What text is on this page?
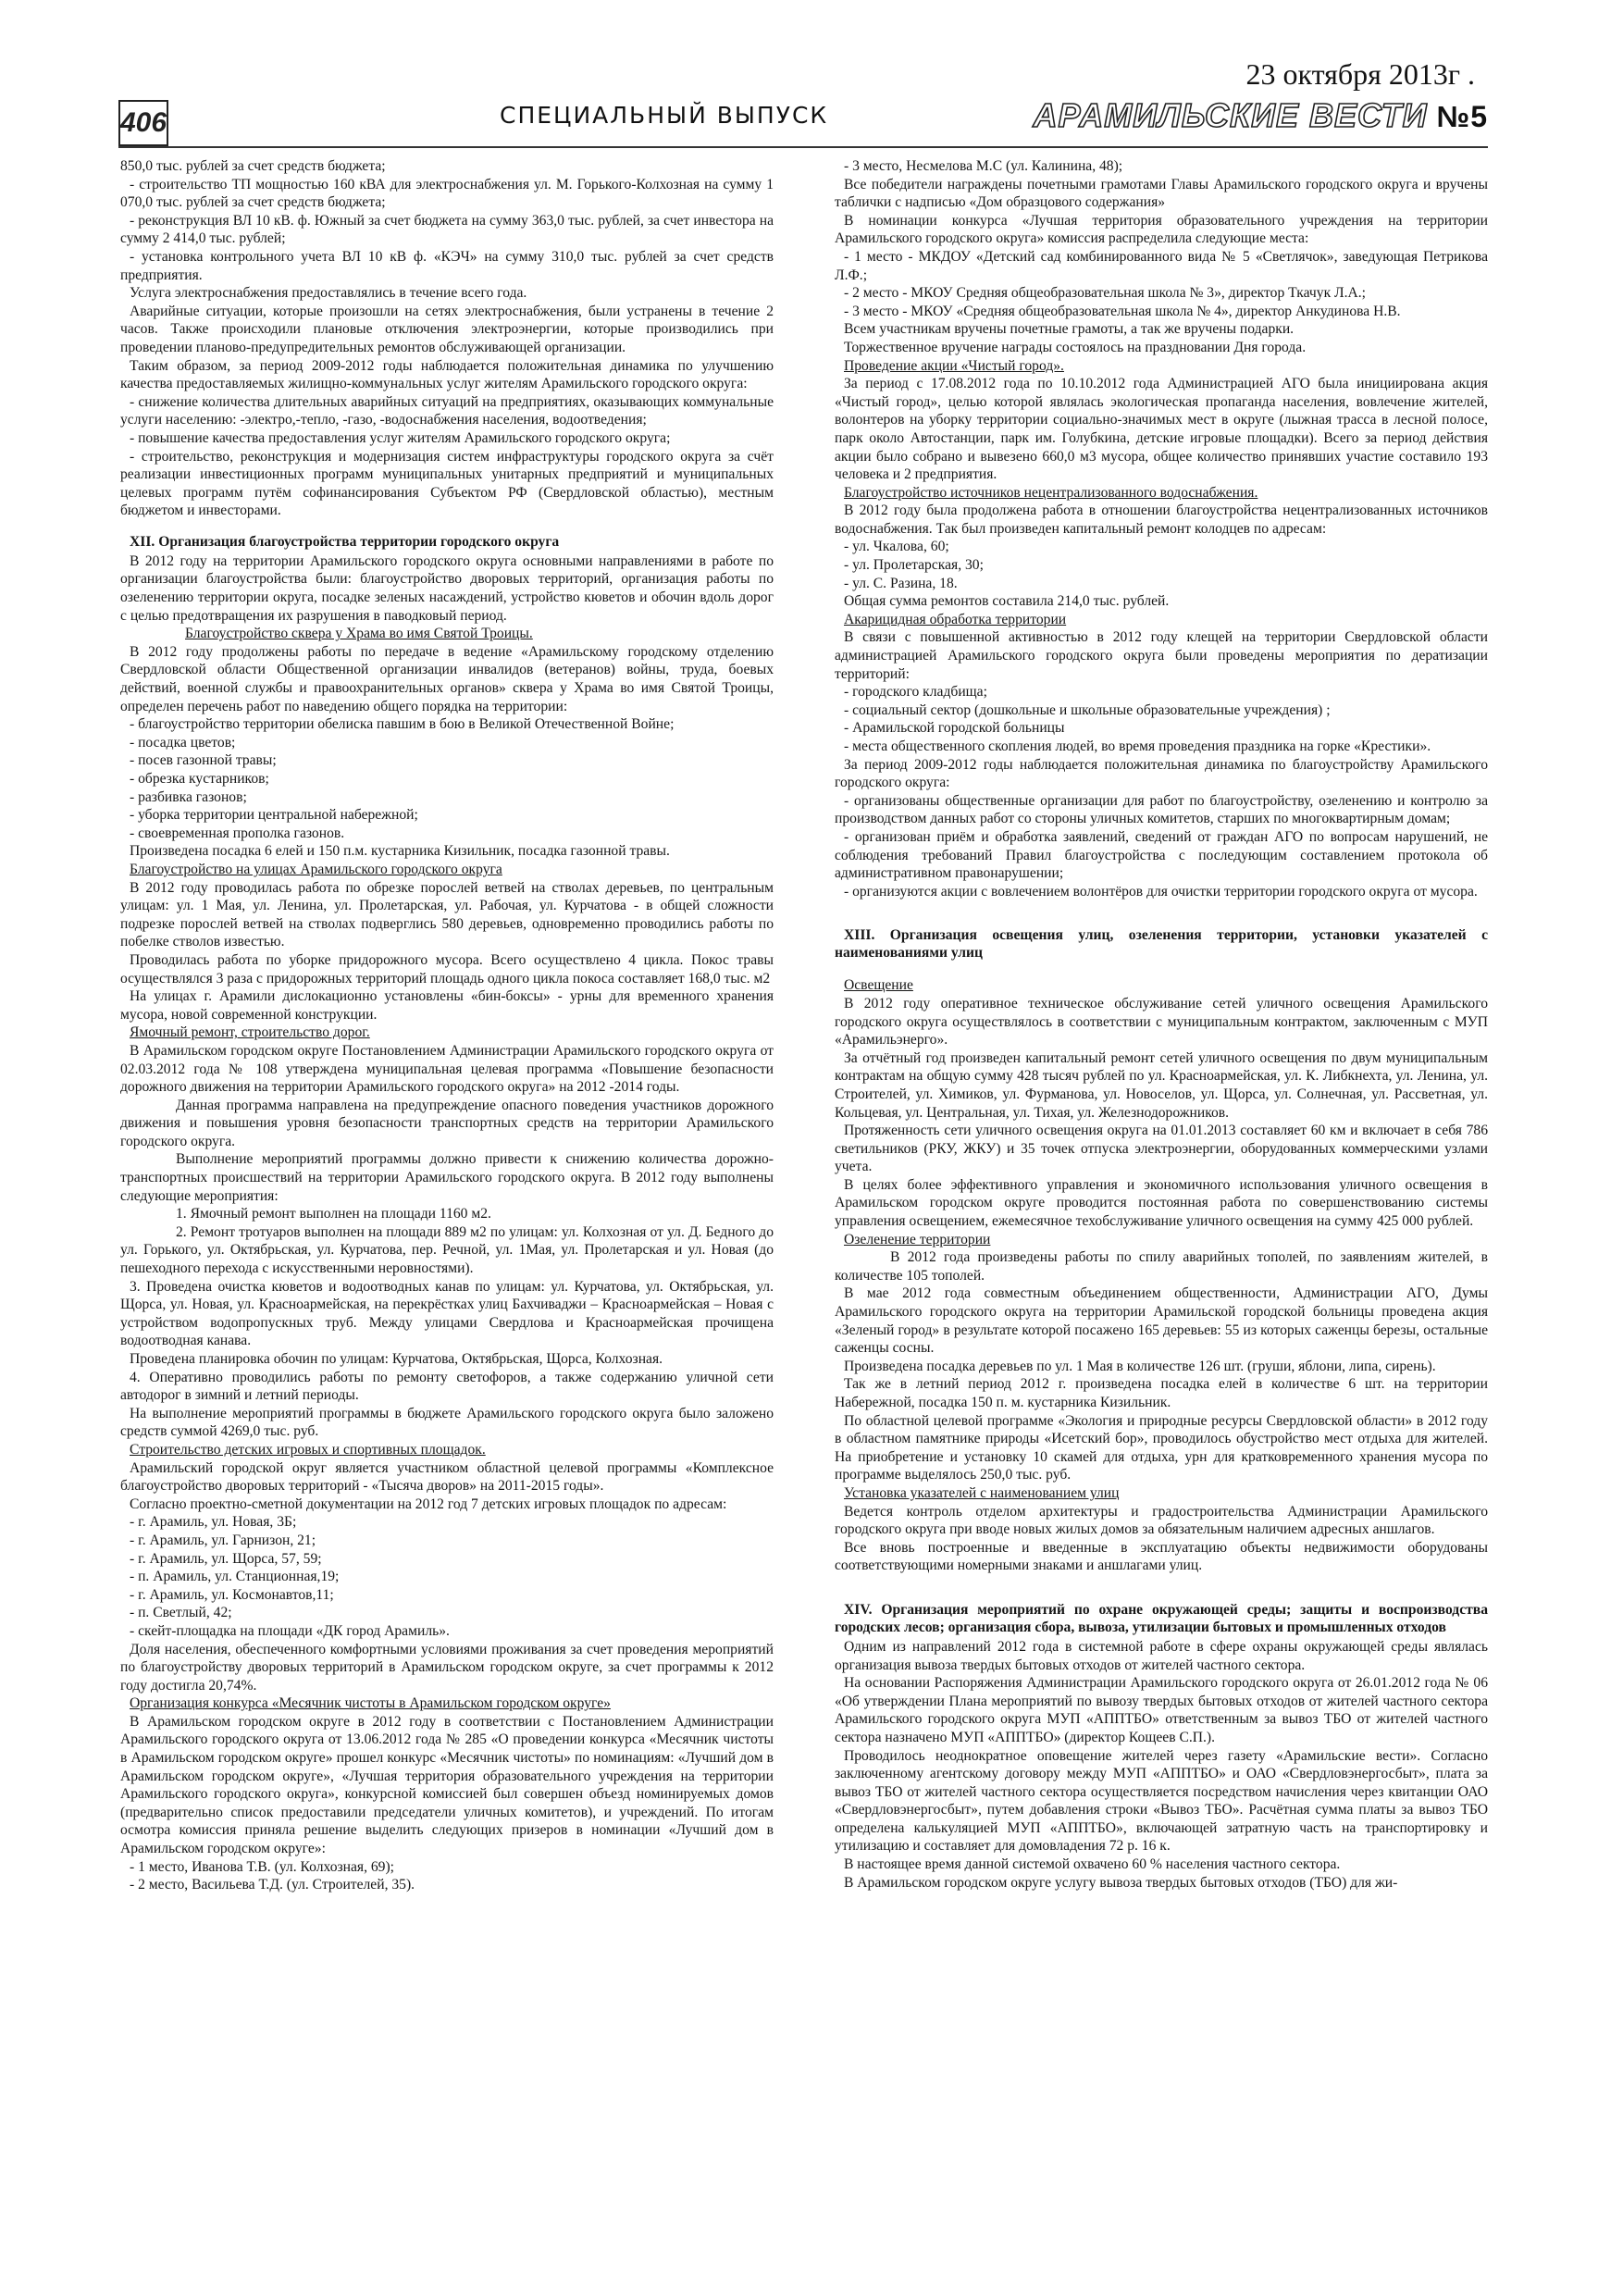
406	СПЕЦИАЛЬНЫЙ ВЫПУСК
23 октября 2013г .
АРАМИЛЬСКИЕ ВЕСТИ №5

850,0 тыс. рублей за счет средств бюджета;

- строительство ТП мощностью 160 кВА для электроснабжения ул. М. Горького-Колхозная на сумму 1 070,0 тыс. рублей за счет средств бюджета;

- реконструкция ВЛ 10 кВ. ф. Южный за счет бюджета на сумму 363,0 тыс. рублей, за счет инвестора на сумму 2 414,0 тыс. рублей;

- установка контрольного учета ВЛ 10 кВ ф. «КЭЧ» на сумму 310,0 тыс. рублей за счет средств предприятия.

Услуга электроснабжения предоставлялись в течение всего года.

Аварийные ситуации, которые произошли на сетях электроснабжения, были устранены в течение 2 часов. Также происходили плановые отключения электроэнергии, которые производились при проведении планово-предупредительных ремонтов обслуживающей организации.

Таким образом, за период 2009-2012 годы наблюдается положительная динамика по улучшению качества предоставляемых жилищно-коммунальных услуг жителям Арамильского городского округа:

- снижение количества длительных аварийных ситуаций на предприятиях, оказывающих коммунальные услуги населению: -электро,-тепло, -газо, -водоснабжения населения, водоотведения;

- повышение качества предоставления услуг жителям Арамильского городского округа;

- строительство, реконструкция и модернизация систем инфраструктуры городского округа за счёт реализации инвестиционных программ муниципальных унитарных предприятий и муниципальных целевых программ путём софинансирования Субъектом РФ (Свердловской областью), местным бюджетом и инвесторами.

XII. Организация благоустройства территории городского округа

В 2012 году на территории Арамильского городского округа основными направлениями в работе по организации благоустройства были: благоустройство дворовых территорий, организация работы по озеленению территории округа, посадке зеленых насаждений, устройство кюветов и обочин вдоль дорог с целью предотвращения их разрушения в паводковый период.

Благоустройство сквера у Храма во имя Святой Троицы.

В 2012 году продолжены работы по передаче в ведение «Арамильскому городскому отделению Свердловской области Общественной организации инвалидов (ветеранов) войны, труда, боевых действий, военной службы и правоохранительных органов» сквера у Храма во имя Святой Троицы, определен перечень работ по наведению общего порядка на территории:

- благоустройство территории обелиска павшим в бою в Великой Отечественной Войне;

- посадка цветов;

- посев газонной травы;

- обрезка кустарников;

- разбивка газонов;

- уборка территории центральной набережной;

- своевременная прополка газонов.

Произведена посадка 6 елей и 150 п.м. кустарника Кизильник, посадка газонной травы.

Благоустройство на улицах Арамильского городского округа

В 2012 году проводилась работа по обрезке порослей ветвей на стволах деревьев, по центральным улицам: ул. 1 Мая, ул. Ленина, ул. Пролетарская, ул. Рабочая, ул. Курчатова - в общей сложности подрезке порослей ветвей на стволах подверглись 580 деревьев, одновременно проводились работы по побелке стволов известью.

Проводилась работа по уборке придорожного мусора. Всего осуществлено 4 цикла. Покос травы осуществлялся 3 раза с придорожных территорий площадь одного цикла покоса составляет 168,0 тыс. м2

На улицах г. Арамили дислокационно установлены «бин-боксы» - урны для временного хранения мусора, новой современной конструкции.

Ямочный ремонт, строительство дорог.

В Арамильском городском округе Постановлением Администрации Арамильского городского округа от 02.03.2012 года № 108 утверждена муниципальная целевая программа «Повышение безопасности дорожного движения на территории Арамильского городского округа» на 2012 -2014 годы.

Данная программа направлена на предупреждение опасного поведения участников дорожного движения и повышения уровня безопасности транспортных средств на территории Арамильского городского округа.

Выполнение мероприятий программы должно привести к снижению количества дорожно-транспортных происшествий на территории Арамильского городского округа. В 2012 году выполнены следующие мероприятия:

1. Ямочный ремонт выполнен на площади 1160 м2.

2. Ремонт тротуаров выполнен на площади 889 м2 по улицам: ул. Колхозная от ул. Д. Бедного до ул. Горького, ул. Октябрьская, ул. Курчатова, пер. Речной, ул. 1Мая, ул. Пролетарская и ул. Новая (до пешеходного перехода с искусственными неровностями).

3. Проведена очистка кюветов и водоотводных канав по улицам: ул. Курчатова, ул. Октябрьская, ул. Щорса, ул. Новая, ул. Красноармейская, на перекрёстках улиц Бахчиваджи – Красноармейская – Новая с устройством водопропускных труб. Между улицами Свердлова и Красноармейская прочищена водоотводная канава.

Проведена планировка обочин по улицам: Курчатова, Октябрьская, Щорса, Колхозная.

4. Оперативно проводились работы по ремонту светофоров, а также содержанию уличной сети автодорог в зимний и летний периоды.

На выполнение мероприятий программы в бюджете Арамильского городского округа было заложено средств суммой 4269,0 тыс. руб.

Строительство детских игровых и спортивных площадок.

Арамильский городской округ является участником областной целевой программы «Комплексное благоустройство дворовых территорий - «Тысяча дворов» на 2011-2015 годы».

Согласно проектно-сметной документации на 2012 год 7 детских игровых площадок по адресам:

- г. Арамиль, ул. Новая, 3Б;

- г. Арамиль, ул. Гарнизон, 21;

- г. Арамиль, ул. Щорса, 57, 59;

- п. Арамиль, ул. Станционная,19;

- г. Арамиль, ул. Космонавтов,11;

- п. Светлый, 42;

- скейт-площадка на площади «ДК город Арамиль».

Доля населения, обеспеченного комфортными условиями проживания за счет проведения мероприятий по благоустройству дворовых территорий в Арамильском городском округе, за счет программы к 2012 году достигла 20,74%.

Организация конкурса «Месячник чистоты в Арамильском городском округе»

В Арамильском городском округе в 2012 году в соответствии с Постановлением Администрации Арамильского городского округа от 13.06.2012 года № 285 «О проведении конкурса «Месячник чистоты в Арамильском городском округе» прошел конкурс «Месячник чистоты» по номинациям: «Лучший дом в Арамильском городском округе», «Лучшая территория образовательного учреждения на территории Арамильского городского округа», конкурсной комиссией был совершен объезд номинируемых домов (предварительно список предоставили председатели уличных комитетов), и учреждений. По итогам осмотра комиссия приняла решение выделить следующих призеров в номинации «Лучший дом в Арамильском городском округе»:

- 1 место, Иванова Т.В. (ул. Колхозная, 69);

- 2 место, Васильева Т.Д. (ул. Строителей, 35).

- 3 место, Несмелова М.С (ул. Калинина, 48);

Все победители награждены почетными грамотами Главы Арамильского городского округа и вручены таблички с надписью «Дом образцового содержания»

В номинации конкурса «Лучшая территория образовательного учреждения на территории Арамильского городского округа» комиссия распределила следующие места:

- 1 место - МКДОУ «Детский сад комбинированного вида № 5 «Светлячок», заведующая Петрикова Л.Ф.;

- 2 место - МКОУ Средняя общеобразовательная школа № 3», директор Ткачук Л.А.;

- 3 место - МКОУ «Средняя общеобразовательная школа № 4», директор Анкудинова Н.В.

Всем участникам вручены почетные грамоты, а так же вручены подарки.

Торжественное вручение награды состоялось на праздновании Дня города.

Проведение акции «Чистый город».

За период с 17.08.2012 года по 10.10.2012 года Администрацией АГО была инициирована акция «Чистый город», целью которой являлась экологическая пропаганда населения, вовлечение жителей, волонтеров на уборку территории социально-значимых мест в округе (лыжная трасса в лесной полосе, парк около Автостанции, парк им. Голубкина, детские игровые площадки). Всего за период действия акции было собрано и вывезено 660,0 м3 мусора, общее количество принявших участие составило 193 человека и 2 предприятия.

Благоустройство источников нецентрализованного водоснабжения.

В 2012 году была продолжена работа в отношении благоустройства нецентрализованных источников водоснабжения. Так был произведен капитальный ремонт колодцев по адресам:

- ул. Чкалова, 60;

- ул. Пролетарская, 30;

- ул. С. Разина, 18.

Общая сумма ремонтов составила 214,0 тыс. рублей.

Акарицидная обработка территории

В связи с повышенной активностью в 2012 году клещей на территории Свердловской области администрацией Арамильского городского округа были проведены мероприятия по дератизации территорий:

- городского кладбища;

- социальный сектор (дошкольные и школьные образовательные учреждения) ;

- Арамильской городской больницы

- места общественного скопления людей, во время проведения праздника на горке «Крестики».

За период 2009-2012 годы наблюдается положительная динамика по благоустройству Арамильского городского округа:

- организованы общественные организации для работ по благоустройству, озеленению и контролю за производством данных работ со стороны уличных комитетов, старших по многоквартирным домам;

- организован приём и обработка заявлений, сведений от граждан АГО по вопросам нарушений, не соблюдения требований Правил благоустройства с последующим составлением протокола об административном правонарушении;

- организуются акции с вовлечением волонтёров для очистки территории городского округа от мусора.

XIII. Организация освещения улиц, озеленения территории, установки указателей с наименованиями улиц

Освещение

В 2012 году оперативное техническое обслуживание сетей уличного освещения Арамильского городского округа осуществлялось в соответствии с муниципальным контрактом, заключенным с МУП «Арамильэнерго».

За отчётный год произведен капитальный ремонт сетей уличного освещения по двум муниципальным контрактам на общую сумму 428 тысяч рублей по ул. Красноармейская, ул. К. Либкнехта, ул. Ленина, ул. Строителей, ул. Химиков, ул. Фурманова, ул. Новоселов, ул. Щорса, ул. Солнечная, ул. Рассветная, ул. Кольцевая, ул. Центральная, ул. Тихая, ул. Железнодорожников.

Протяженность сети уличного освещения округа на 01.01.2013 составляет 60 км и включает в себя 786 светильников (РКУ, ЖКУ) и 35 точек отпуска электроэнергии, оборудованных коммерческими узлами учета.

В целях более эффективного управления и экономичного использования уличного освещения в Арамильском городском округе проводится постоянная работа по совершенствованию системы управления освещением, ежемесячное техобслуживание уличного освещения на сумму 425 000 рублей.

Озеленение территории

В 2012 года произведены работы по спилу аварийных тополей, по заявлениям жителей, в количестве 105 тополей.

В мае 2012 года совместным объединением общественности, Администрации АГО, Думы Арамильского городского округа на территории Арамильской городской больницы проведена акция «Зеленый город» в результате которой посажено 165 деревьев: 55 из которых саженцы березы, остальные саженцы сосны.

Произведена посадка деревьев по ул. 1 Мая в количестве 126 шт. (груши, яблони, липа, сирень).

Так же в летний период 2012 г. произведена посадка елей в количестве 6 шт. на территории Набережной, посадка 150 п. м. кустарника Кизильник.

По областной целевой программе «Экология и природные ресурсы Свердловской области» в 2012 году в областном памятнике природы «Исетский бор», проводилось обустройство мест отдыха для жителей. На приобретение и установку 10 скамей для отдыха, урн для кратковременного хранения мусора по программе выделялось 250,0 тыс. руб.

Установка указателей с наименованием улиц

Ведется контроль отделом архитектуры и градостроительства Администрации Арамильского городского округа при вводе новых жилых домов за обязательным наличием адресных аншлагов.

Все вновь построенные и введенные в эксплуатацию объекты недвижимости оборудованы соответствующими номерными знаками и аншлагами улиц.

XIV. Организация мероприятий по охране окружающей среды; защиты и воспроизводства городских лесов; организация сбора, вывоза, утилизации бытовых и промышленных отходов

Одним из направлений 2012 года в системной работе в сфере охраны окружающей среды являлась организация вывоза твердых бытовых отходов от жителей частного сектора.

На основании Распоряжения Администрации Арамильского городского округа от 26.01.2012 года № 06 «Об утверждении Плана мероприятий по вывозу твердых бытовых отходов от жителей частного сектора Арамильского городского округа МУП «АППТБО» ответственным за вывоз ТБО от жителей частного сектора назначено МУП «АППТБО» (директор Кощеев С.П.).

Проводилось неоднократное оповещение жителей через газету «Арамильские вести». Согласно заключенному агентскому договору между МУП «АППТБО» и ОАО «Свердловэнергосбыт», плата за вывоз ТБО от жителей частного сектора осуществляется посредством начисления через квитанции ОАО «Свердловэнергосбыт», путем добавления строки «Вывоз ТБО». Расчётная сумма платы за вывоз ТБО определена калькуляцией МУП «АППТБО», включающей затратную часть на транспортировку и утилизацию и составляет для домовладения 72 р. 16 к.

В настоящее время данной системой охвачено 60 % населения частного сектора.

В Арамильском городском округе услугу вывоза твердых бытовых отходов (ТБО) для жи-
